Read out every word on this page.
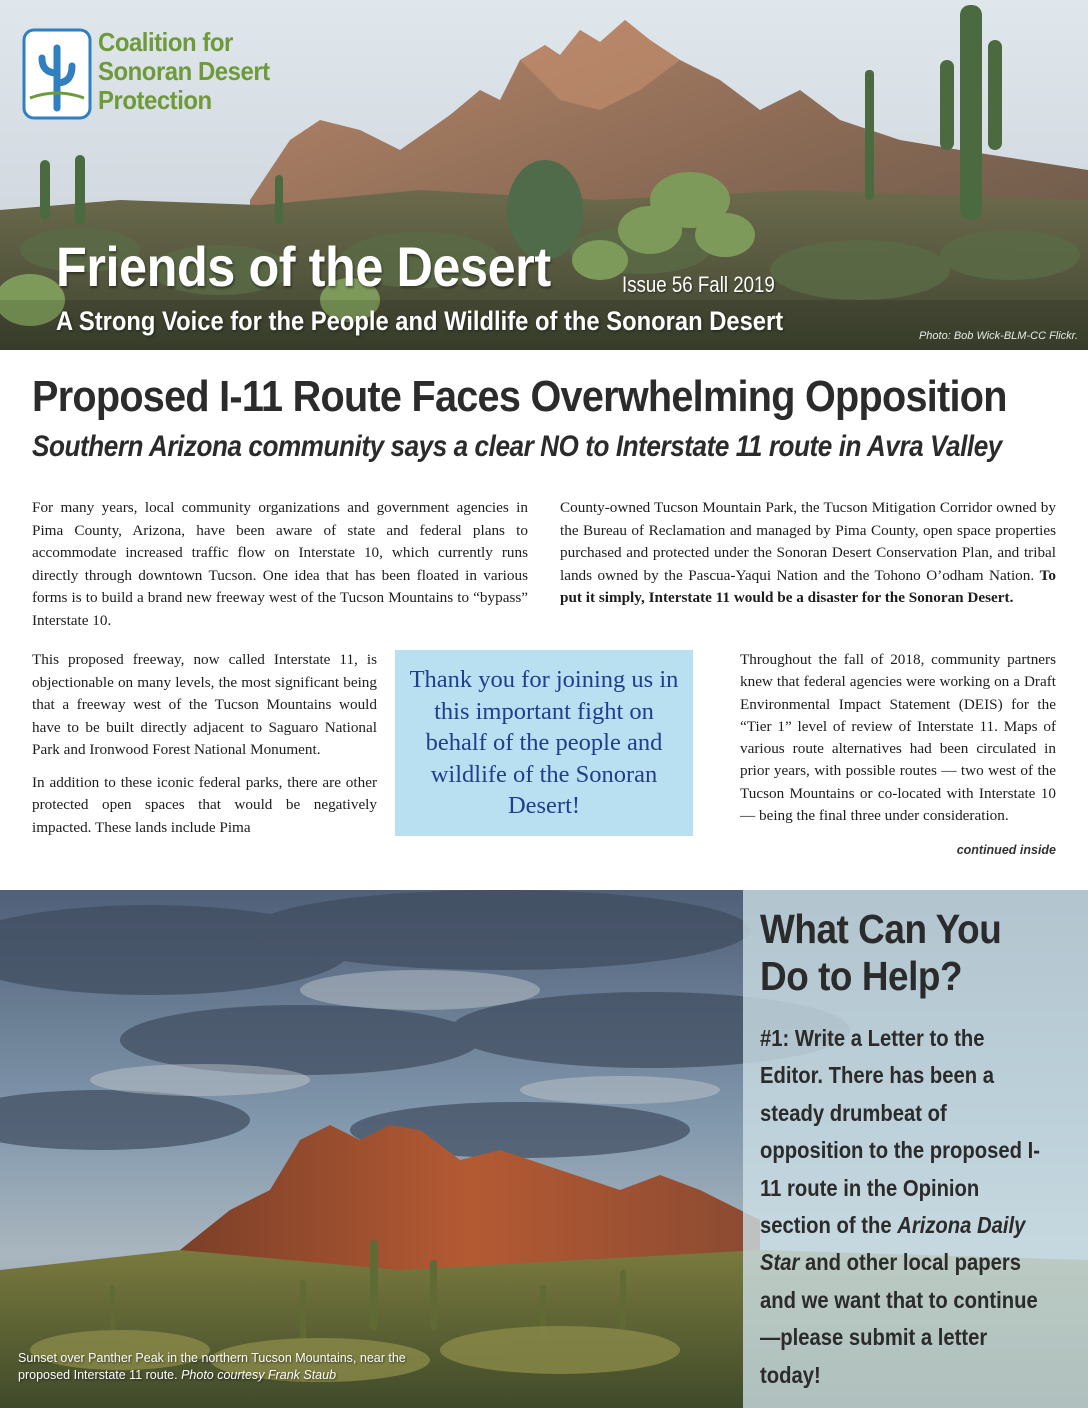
Coalition for
Sonoran Desert
Protection
Friends of the Desert	Issue 56 Fall 2019
A Strong Voice for the People and Wildlife of the Sonoran Desert	Photo: Bob Wick-BLM-CC Flickr.
Proposed I-11 Route Faces Overwhelming Opposition
Southern Arizona community says a clear NO to Interstate 11 route in Avra Valley

For many years, local community organizations and government agencies in Pima County, Arizona, have been aware of state and federal plans to accommodate increased traffic flow on Interstate 10, which currently runs directly through downtown Tucson. One idea that has been floated in various forms is to build a brand new freeway west of the Tucson Mountains to “bypass” Interstate 10.

County-owned Tucson Mountain Park, the Tucson Mitigation Corridor owned by the Bureau of Reclamation and managed by Pima County, open space properties purchased and protected under the Sonoran Desert Conservation Plan, and tribal lands owned by the Pascua-Yaqui Nation and the Tohono O’odham Nation. To put it simply, Interstate 11 would be a disaster for the Sonoran Desert.

This proposed freeway, now called Interstate 11, is objectionable on many levels, the most significant being that a freeway west of the Tucson Mountains would have to be built directly adjacent to Saguaro National Park and Ironwood Forest National Monument.

In addition to these iconic federal parks, there are other protected open spaces that would be negatively impacted. These lands include Pima

Thank you for joining us in this important fight on behalf of the people and wildlife of the Sonoran Desert!

Throughout the fall of 2018, community partners knew that federal agencies were working on a Draft Environmental Impact Statement (DEIS) for the “Tier 1” level of review of Interstate 11. Maps of various route alternatives had been circulated in prior years, with possible routes — two west of the Tucson Mountains or co-located with Interstate 10 — being the final three under consideration.

continued inside
Sunset over Panther Peak in the northern Tucson Mountains, near the proposed Interstate 11 route. Photo courtesy Frank Staub
What Can You
Do to Help?
#1: Write a Letter to the Editor. There has been a steady drumbeat of opposition to the proposed I-11 route in the Opinion section of the Arizona Daily Star and other local papers and we want that to continue —please submit a letter today!
